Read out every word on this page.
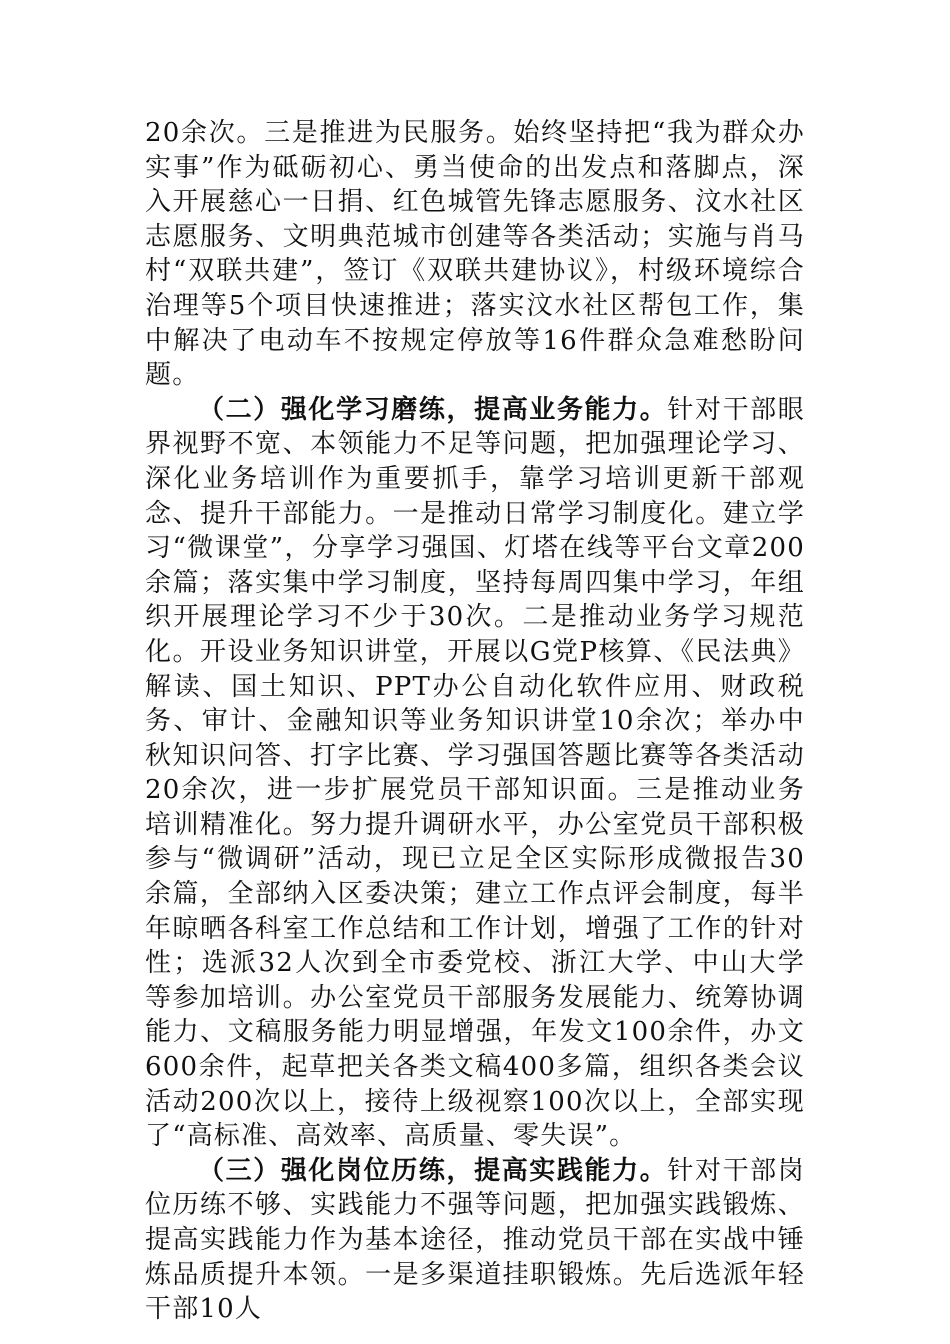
20余次。三是推进为民服务。始终坚持把“我为群众办实事”作为砥砺初心、勇当使命的出发点和落脚点，深入开展慈心一日捐、红色城管先锋志愿服务、汶水社区志愿服务、文明典范城市创建等各类活动；实施与肖马村“双联共建”，签订《双联共建协议》，村级环境综合治理等5个项目快速推进；落实汶水社区帮包工作，集中解决了电动车不按规定停放等16件群众急难愁盼问题。

（二）强化学习磨练，提高业务能力。针对干部眼界视野不宽、本领能力不足等问题，把加强理论学习、深化业务培训作为重要抓手，靠学习培训更新干部观念、提升干部能力。一是推动日常学习制度化。建立学习“微课堂”，分享学习强国、灯塔在线等平台文章200余篇；落实集中学习制度，坚持每周四集中学习，年组织开展理论学习不少于30次。二是推动业务学习规范化。开设业务知识讲堂，开展以G党P核算、《民法典》解读、国土知识、PPT办公自动化软件应用、财政税务、审计、金融知识等业务知识讲堂10余次；举办中秋知识问答、打字比赛、学习强国答题比赛等各类活动20余次，进一步扩展党员干部知识面。三是推动业务培训精准化。努力提升调研水平，办公室党员干部积极参与“微调研”活动，现已立足全区实际形成微报告30余篇，全部纳入区委决策；建立工作点评会制度，每半年晾晒各科室工作总结和工作计划，增强了工作的针对性；选派32人次到全市委党校、浙江大学、中山大学等参加培训。办公室党员干部服务发展能力、统筹协调能力、文稿服务能力明显增强，年发文100余件，办文600余件，起草把关各类文稿400多篇，组织各类会议活动200次以上，接待上级视察100次以上，全部实现了“高标准、高效率、高质量、零失误”。

（三）强化岗位历练，提高实践能力。针对干部岗位历练不够、实践能力不强等问题，把加强实践锻炼、提高实践能力作为基本途径，推动党员干部在实战中锤炼品质提升本领。一是多渠道挂职锻炼。先后选派年轻干部10人
